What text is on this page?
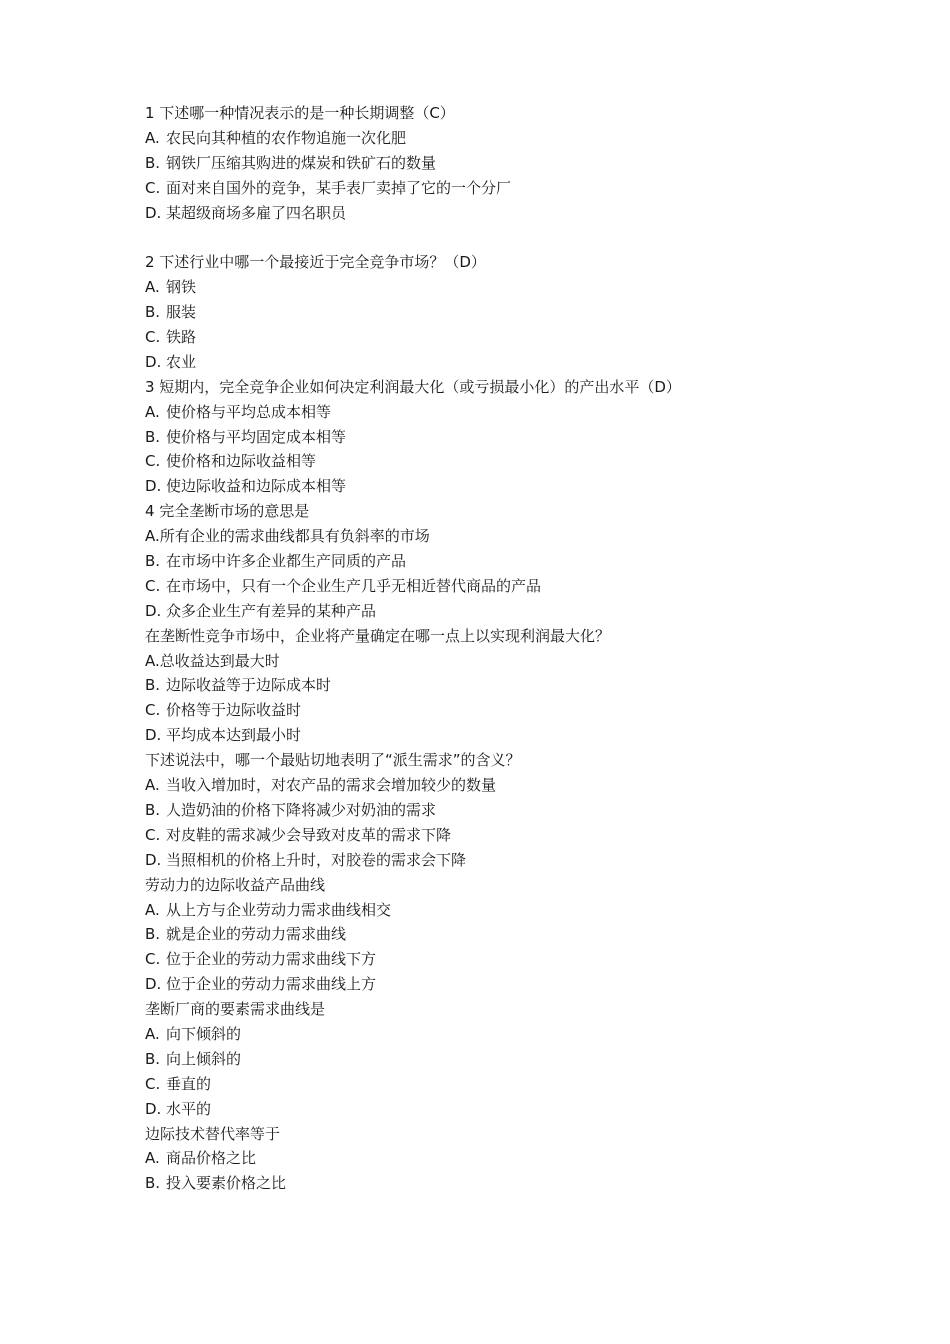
1 下述哪一种情况表示的是一种长期调整（C）
A. 农民向其种植的农作物追施一次化肥
B. 钢铁厂压缩其购进的煤炭和铁矿石的数量
C. 面对来自国外的竞争，某手表厂卖掉了它的一个分厂
D. 某超级商场多雇了四名职员
2 下述行业中哪一个最接近于完全竞争市场？（D）
A. 钢铁
B. 服装
C. 铁路
D. 农业
3 短期内，完全竞争企业如何决定利润最大化（或亏损最小化）的产出水平（D）
A. 使价格与平均总成本相等
B. 使价格与平均固定成本相等
C. 使价格和边际收益相等
D. 使边际收益和边际成本相等
4 完全垄断市场的意思是
A.所有企业的需求曲线都具有负斜率的市场
B. 在市场中许多企业都生产同质的产品
C. 在市场中，只有一个企业生产几乎无相近替代商品的产品
D. 众多企业生产有差异的某种产品
在垄断性竞争市场中，企业将产量确定在哪一点上以实现利润最大化？
A.总收益达到最大时
B. 边际收益等于边际成本时
C. 价格等于边际收益时
D. 平均成本达到最小时
下述说法中，哪一个最贴切地表明了“派生需求”的含义？
A. 当收入增加时，对农产品的需求会增加较少的数量
B. 人造奶油的价格下降将减少对奶油的需求
C. 对皮鞋的需求减少会导致对皮革的需求下降
D. 当照相机的价格上升时，对胶卷的需求会下降
劳动力的边际收益产品曲线
A. 从上方与企业劳动力需求曲线相交
B. 就是企业的劳动力需求曲线
C. 位于企业的劳动力需求曲线下方
D. 位于企业的劳动力需求曲线上方
垄断厂商的要素需求曲线是
A. 向下倾斜的
B. 向上倾斜的
C. 垂直的
D. 水平的
边际技术替代率等于
A. 商品价格之比
B. 投入要素价格之比
